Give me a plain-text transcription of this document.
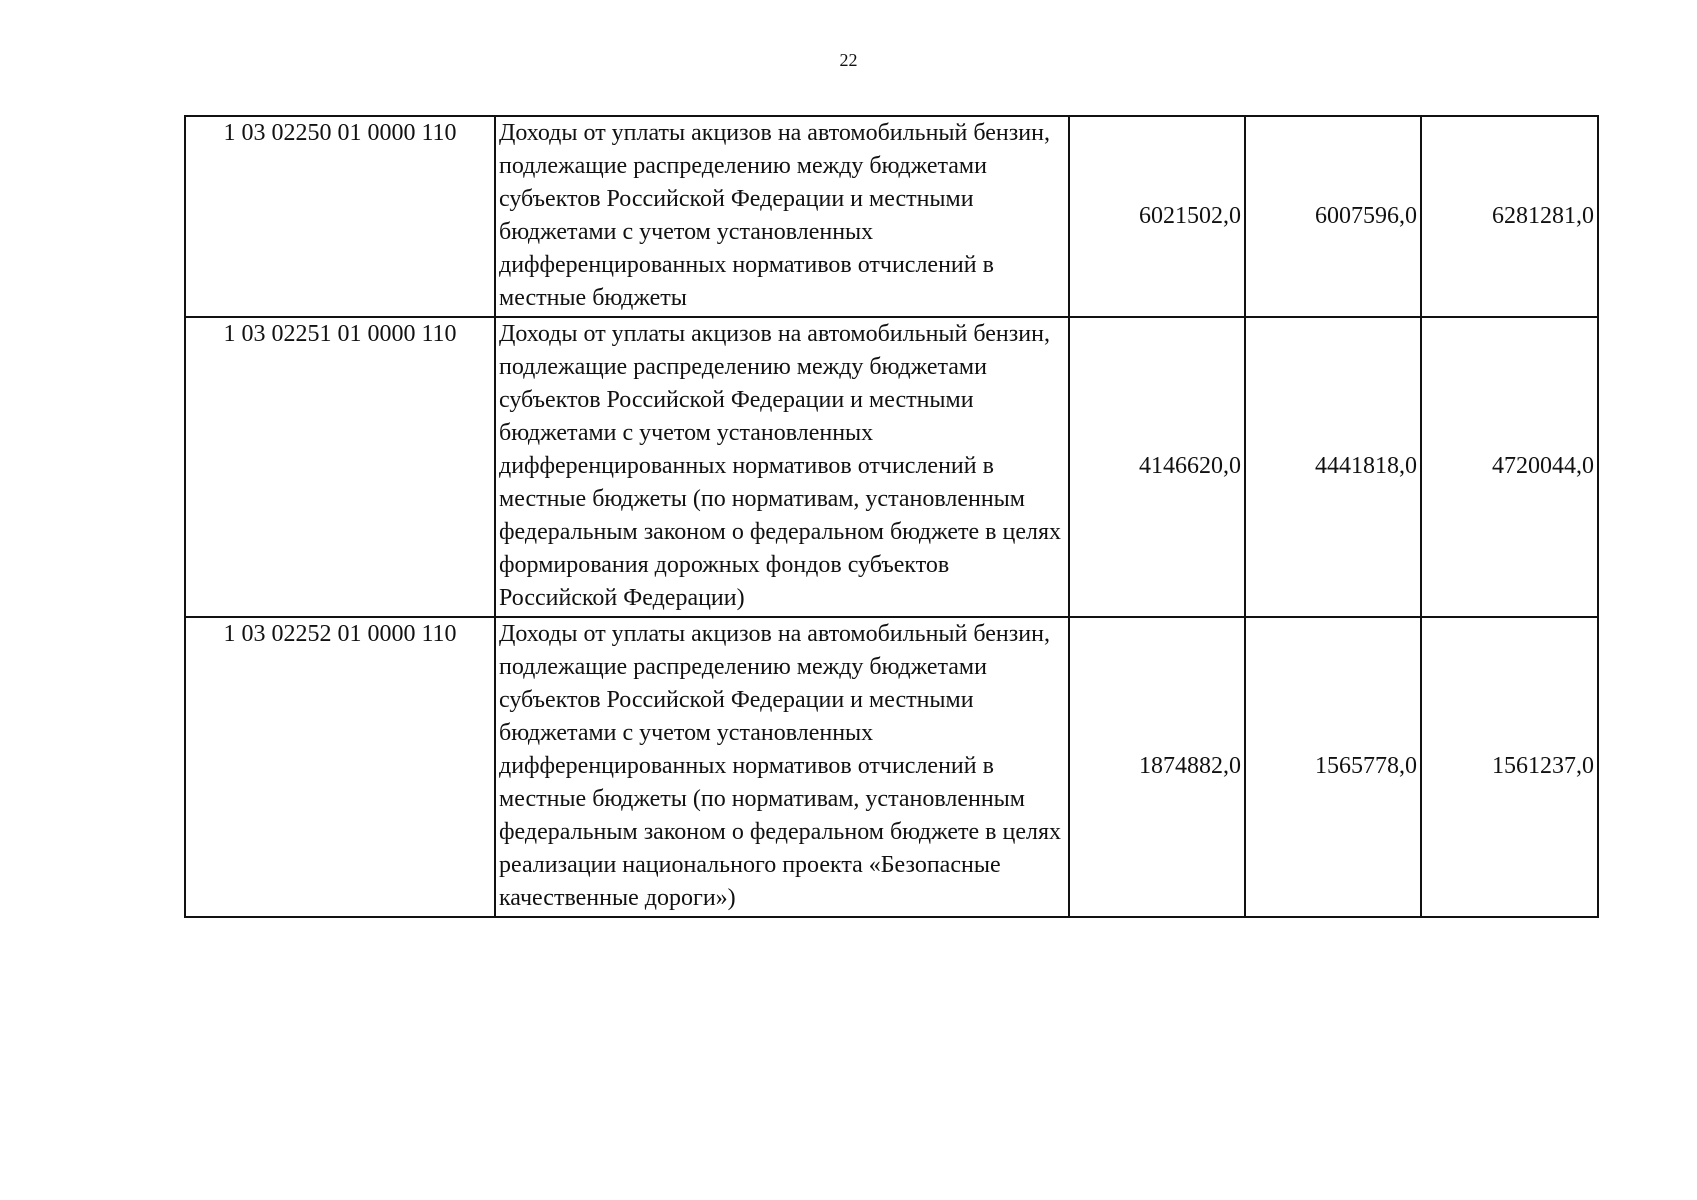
22
1 03 02250 01 0000 110	Доходы от уплаты акцизов на автомобильный бензин, подлежащие распределению между бюджетами субъектов Российской Федерации и местными бюджетами с учетом установленных дифференцированных нормативов отчислений в местные бюджеты	6021502,0	6007596,0	6281281,0
1 03 02251 01 0000 110	Доходы от уплаты акцизов на автомобильный бензин, подлежащие распределению между бюджетами субъектов Российской Федерации и местными бюджетами с учетом установленных дифференцированных нормативов отчислений в местные бюджеты (по нормативам, установленным федеральным законом о федеральном бюджете в целях формирования дорожных фондов субъектов Российской Федерации)	4146620,0	4441818,0	4720044,0
1 03 02252 01 0000 110	Доходы от уплаты акцизов на автомобильный бензин, подлежащие распределению между бюджетами субъектов Российской Федерации и местными бюджетами с учетом установленных дифференцированных нормативов отчислений в местные бюджеты (по нормативам, установленным федеральным законом о федеральном бюджете в целях реализации национального проекта «Безопасные качественные дороги»)	1874882,0	1565778,0	1561237,0
